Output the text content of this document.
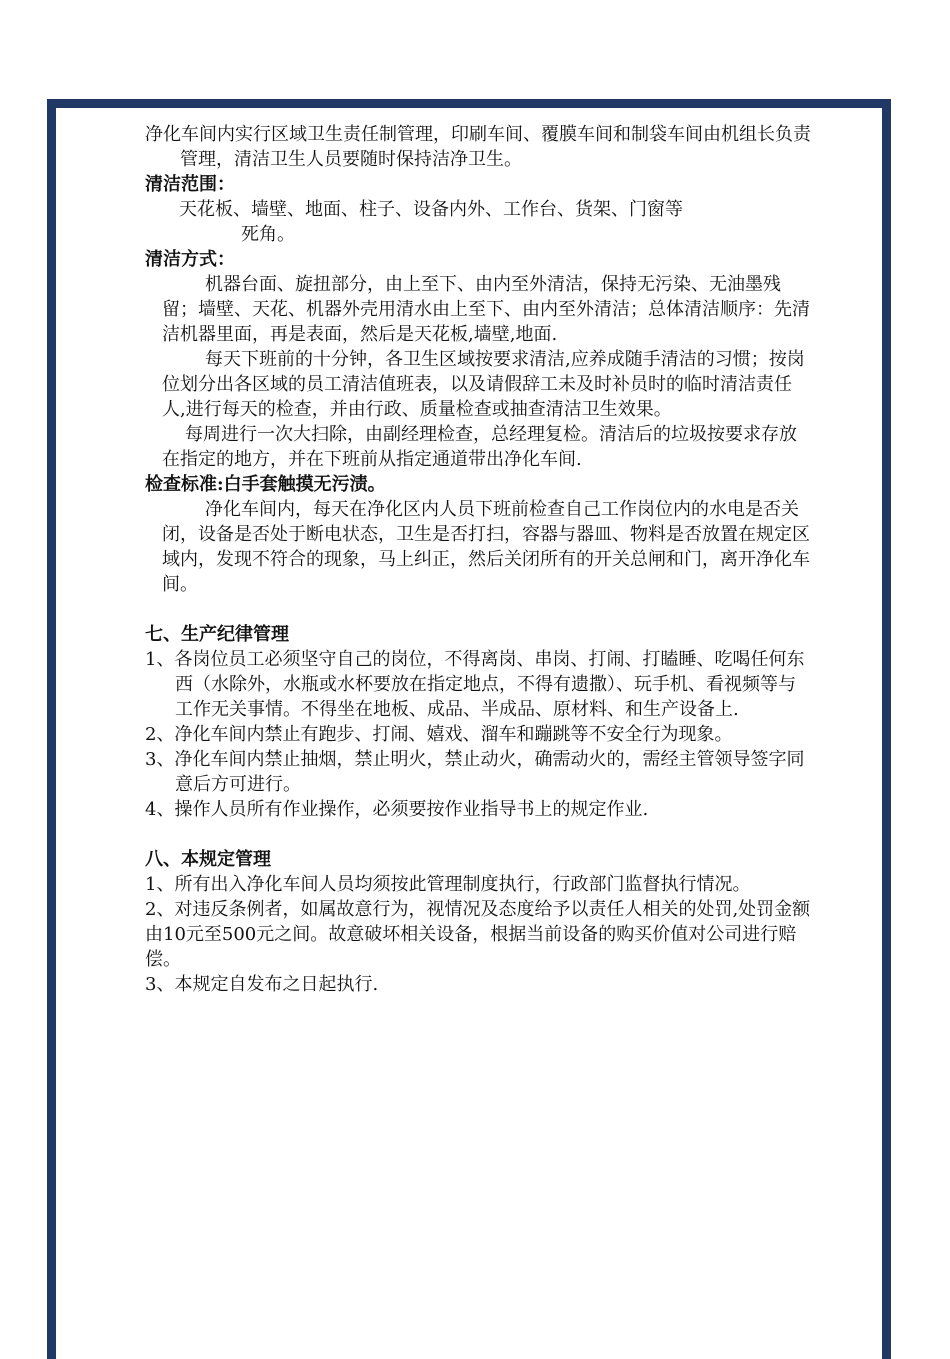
净化车间内实行区域卫生责任制管理，印刷车间、覆膜车间和制袋车间由机组长负责管理，清洁卫生人员要随时保持洁净卫生。

清洁范围：

天花板、墙壁、地面、柱子、设备内外、工作台、货架、门窗等

死角。

清洁方式：

机器台面、旋扭部分，由上至下、由内至外清洁，保持无污染、无油墨残留；墙壁、天花、机器外壳用清水由上至下、由内至外清洁；总体清洁顺序：先清洁机器里面，再是表面，然后是天花板,墙壁,地面.

每天下班前的十分钟，各卫生区域按要求清洁,应养成随手清洁的习惯；按岗位划分出各区域的员工清洁值班表，以及请假辞工未及时补员时的临时清洁责任人,进行每天的检查，并由行政、质量检查或抽查清洁卫生效果。

每周进行一次大扫除，由副经理检查，总经理复检。清洁后的垃圾按要求存放在指定的地方，并在下班前从指定通道带出净化车间.

检查标准:白手套触摸无污渍。

净化车间内，每天在净化区内人员下班前检查自己工作岗位内的水电是否关闭，设备是否处于断电状态，卫生是否打扫，容器与器皿、物料是否放置在规定区域内，发现不符合的现象，马上纠正，然后关闭所有的开关总闸和门，离开净化车间。

七、生产纪律管理

1、各岗位员工必须坚守自己的岗位，不得离岗、串岗、打闹、打瞌睡、吃喝任何东西（水除外，水瓶或水杯要放在指定地点，不得有遗撒）、玩手机、看视频等与工作无关事情。不得坐在地板、成品、半成品、原材料、和生产设备上.

2、净化车间内禁止有跑步、打闹、嬉戏、溜车和蹦跳等不安全行为现象。

3、净化车间内禁止抽烟，禁止明火，禁止动火，确需动火的，需经主管领导签字同意后方可进行。

4、操作人员所有作业操作，必须要按作业指导书上的规定作业.

八、本规定管理

1、所有出入净化车间人员均须按此管理制度执行，行政部门监督执行情况。

2、对违反条例者，如属故意行为，视情况及态度给予以责任人相关的处罚,处罚金额由10元至500元之间。故意破坏相关设备，根据当前设备的购买价值对公司进行赔偿。

3、本规定自发布之日起执行.
